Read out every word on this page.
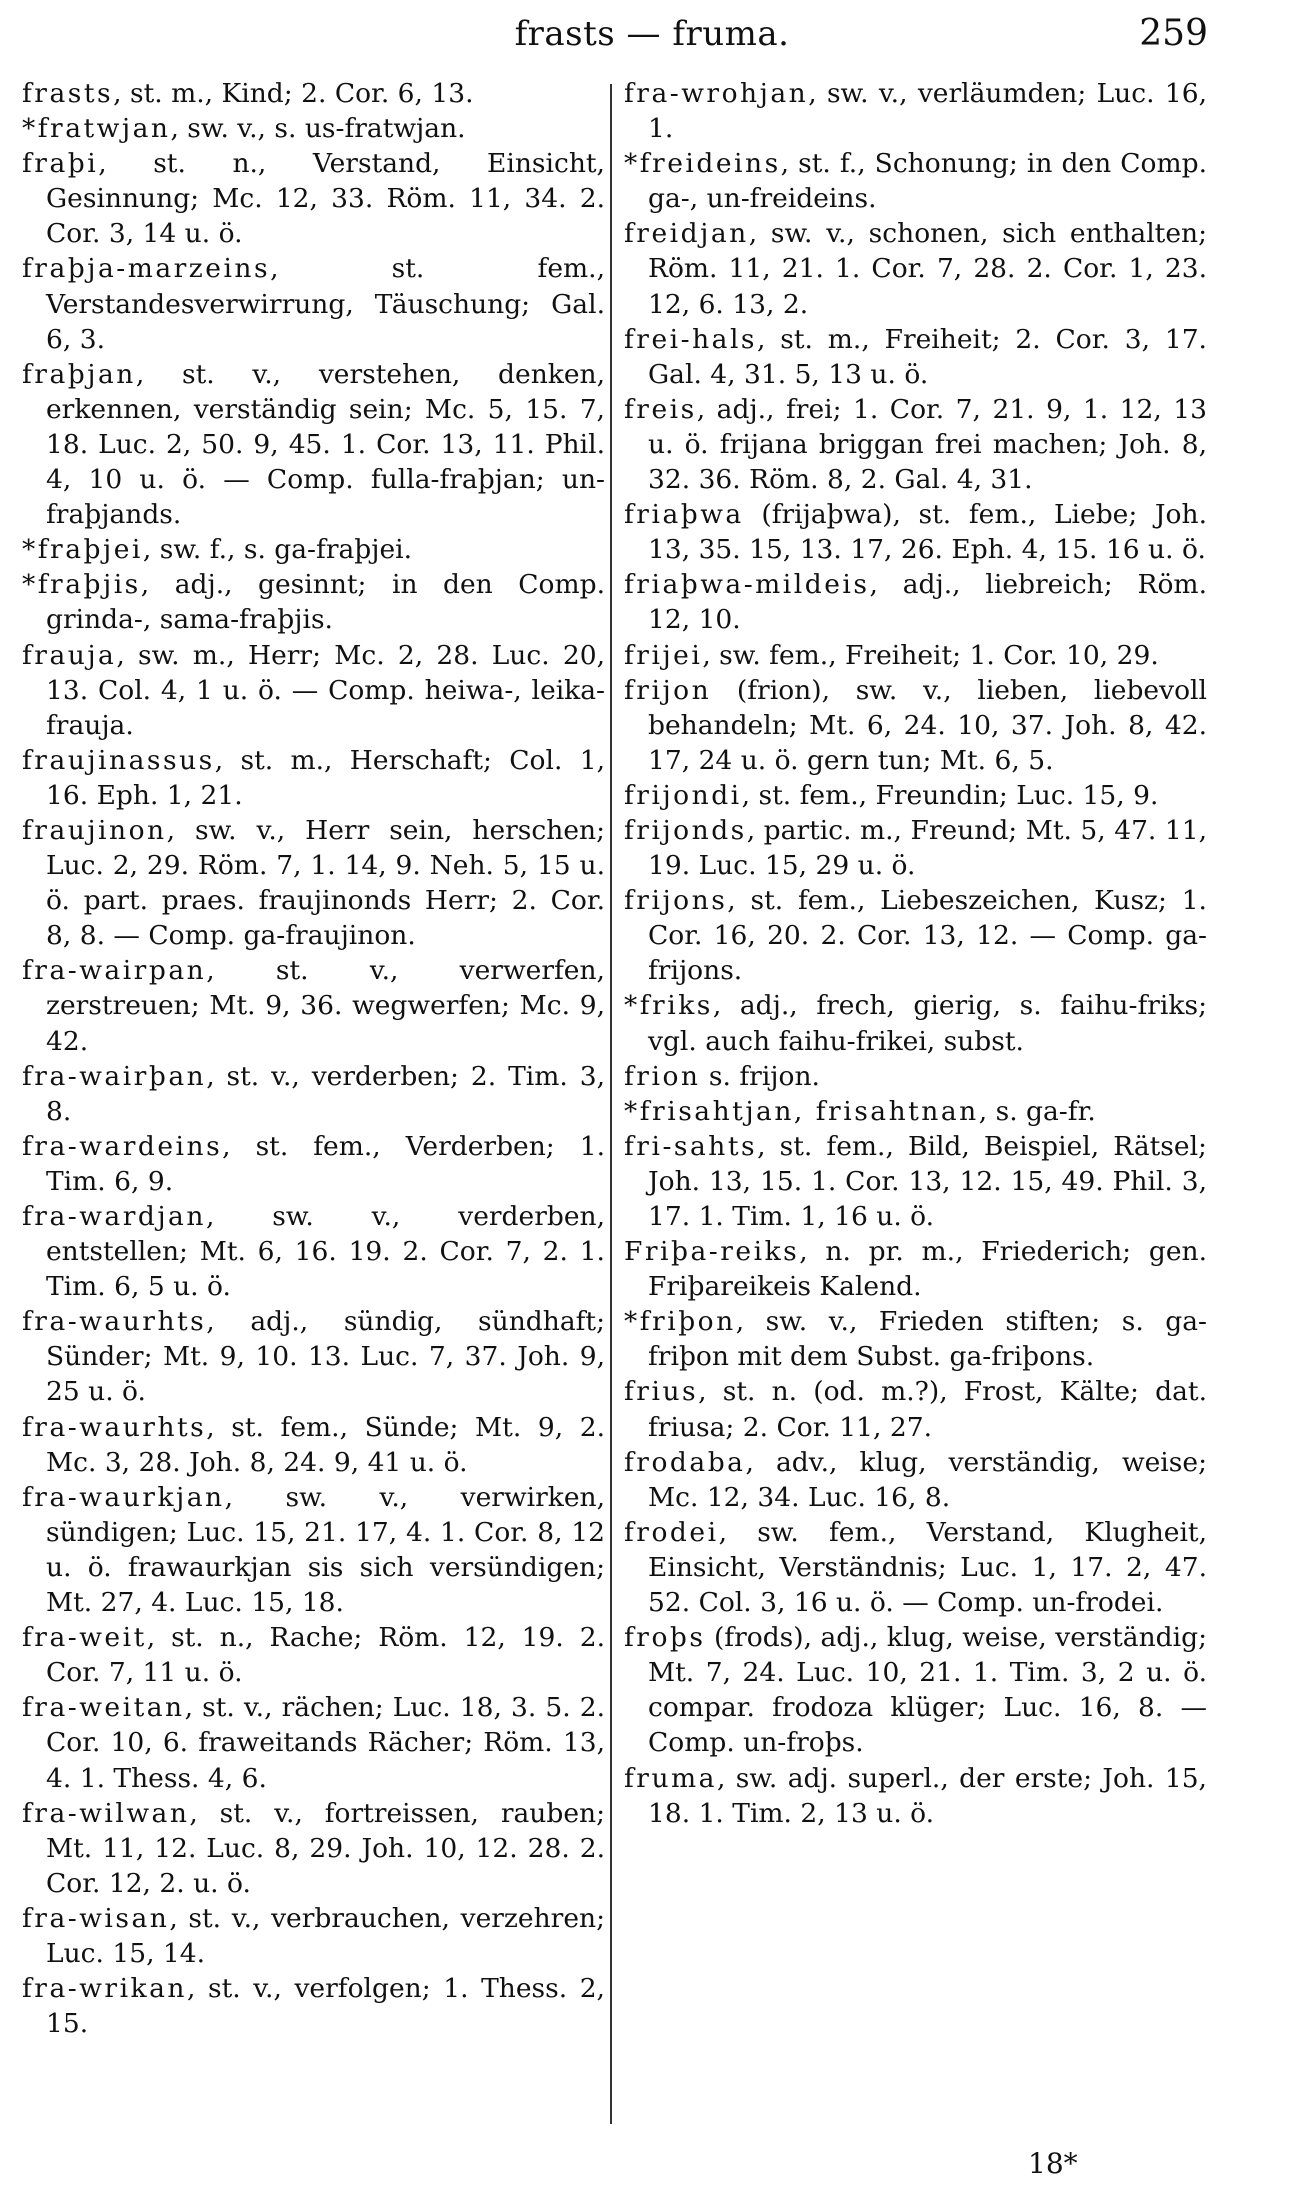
frasts — fruma.	259

frasts, st. m., Kind; 2. Cor. 6, 13.

*fratwjan, sw. v., s. us-fratwjan.

fraþi, st. n., Verstand, Einsicht, Gesinnung; Mc. 12, 33. Röm. 11, 34. 2. Cor. 3, 14 u. ö.

fraþja-marzeins, st. fem., Verstandesverwirrung, Täuschung; Gal. 6, 3.

fraþjan, st. v., verstehen, denken, erkennen, verständig sein; Mc. 5, 15. 7, 18. Luc. 2, 50. 9, 45. 1. Cor. 13, 11. Phil. 4, 10 u. ö. — Comp. fulla-fraþjan; un-fraþjands.

*fraþjei, sw. f., s. ga-fraþjei.

*fraþjis, adj., gesinnt; in den Comp. grinda-, sama-fraþjis.

frauja, sw. m., Herr; Mc. 2, 28. Luc. 20, 13. Col. 4, 1 u. ö. — Comp. heiwa-, leika-frauja.

fraujinassus, st. m., Herschaft; Col. 1, 16. Eph. 1, 21.

fraujinon, sw. v., Herr sein, herschen; Luc. 2, 29. Röm. 7, 1. 14, 9. Neh. 5, 15 u. ö. part. praes. fraujinonds Herr; 2. Cor. 8, 8. — Comp. ga-fraujinon.

fra-wairpan, st. v., verwerfen, zerstreuen; Mt. 9, 36. wegwerfen; Mc. 9, 42.

fra-wairþan, st. v., verderben; 2. Tim. 3, 8.

fra-wardeins, st. fem., Verderben; 1. Tim. 6, 9.

fra-wardjan, sw. v., verderben, entstellen; Mt. 6, 16. 19. 2. Cor. 7, 2. 1. Tim. 6, 5 u. ö.

fra-waurhts, adj., sündig, sündhaft; Sünder; Mt. 9, 10. 13. Luc. 7, 37. Joh. 9, 25 u. ö.

fra-waurhts, st. fem., Sünde; Mt. 9, 2. Mc. 3, 28. Joh. 8, 24. 9, 41 u. ö.

fra-waurkjan, sw. v., verwirken, sündigen; Luc. 15, 21. 17, 4. 1. Cor. 8, 12 u. ö. frawaurkjan sis sich versündigen; Mt. 27, 4. Luc. 15, 18.

fra-weit, st. n., Rache; Röm. 12, 19. 2. Cor. 7, 11 u. ö.

fra-weitan, st. v., rächen; Luc. 18, 3. 5. 2. Cor. 10, 6. fraweitands Rächer; Röm. 13, 4. 1. Thess. 4, 6.

fra-wilwan, st. v., fortreissen, rauben; Mt. 11, 12. Luc. 8, 29. Joh. 10, 12. 28. 2. Cor. 12, 2. u. ö.

fra-wisan, st. v., verbrauchen, verzehren; Luc. 15, 14.

fra-wrikan, st. v., verfolgen; 1. Thess. 2, 15.

fra-wrohjan, sw. v., verläumden; Luc. 16, 1.

*freideins, st. f., Schonung; in den Comp. ga-, un-freideins.

freidjan, sw. v., schonen, sich enthalten; Röm. 11, 21. 1. Cor. 7, 28. 2. Cor. 1, 23. 12, 6. 13, 2.

frei-hals, st. m., Freiheit; 2. Cor. 3, 17. Gal. 4, 31. 5, 13 u. ö.

freis, adj., frei; 1. Cor. 7, 21. 9, 1. 12, 13 u. ö. frijana briggan frei machen; Joh. 8, 32. 36. Röm. 8, 2. Gal. 4, 31.

friaþwa (frijaþwa), st. fem., Liebe; Joh. 13, 35. 15, 13. 17, 26. Eph. 4, 15. 16 u. ö.

friaþwa-mildeis, adj., liebreich; Röm. 12, 10.

frijei, sw. fem., Freiheit; 1. Cor. 10, 29.

frijon (frion), sw. v., lieben, liebevoll behandeln; Mt. 6, 24. 10, 37. Joh. 8, 42. 17, 24 u. ö. gern tun; Mt. 6, 5.

frijondi, st. fem., Freundin; Luc. 15, 9.

frijonds, partic. m., Freund; Mt. 5, 47. 11, 19. Luc. 15, 29 u. ö.

frijons, st. fem., Liebeszeichen, Kusz; 1. Cor. 16, 20. 2. Cor. 13, 12. — Comp. ga-frijons.

*friks, adj., frech, gierig, s. faihu-friks; vgl. auch faihu-frikei, subst.

frion s. frijon.

*frisahtjan, frisahtnan, s. ga-fr.

fri-sahts, st. fem., Bild, Beispiel, Rätsel; Joh. 13, 15. 1. Cor. 13, 12. 15, 49. Phil. 3, 17. 1. Tim. 1, 16 u. ö.

Friþa-reiks, n. pr. m., Friederich; gen. Friþareikeis Kalend.

*friþon, sw. v., Frieden stiften; s. ga-friþon mit dem Subst. ga-friþons.

frius, st. n. (od. m.?), Frost, Kälte; dat. friusa; 2. Cor. 11, 27.

frodaba, adv., klug, verständig, weise; Mc. 12, 34. Luc. 16, 8.

frodei, sw. fem., Verstand, Klugheit, Einsicht, Verständnis; Luc. 1, 17. 2, 47. 52. Col. 3, 16 u. ö. — Comp. un-frodei.

froþs (frods), adj., klug, weise, verständig; Mt. 7, 24. Luc. 10, 21. 1. Tim. 3, 2 u. ö. compar. frodoza klüger; Luc. 16, 8. — Comp. un-froþs.

fruma, sw. adj. superl., der erste; Joh. 15, 18. 1. Tim. 2, 13 u. ö.

18*
